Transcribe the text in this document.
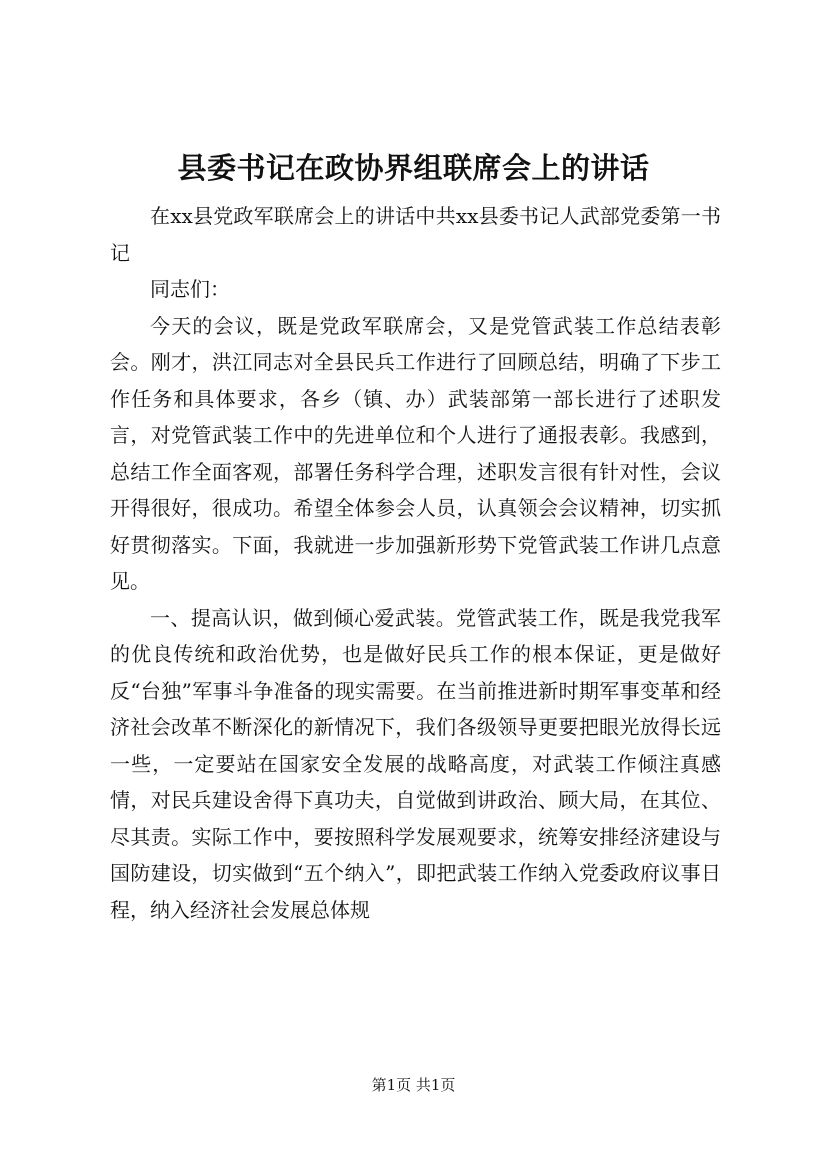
县委书记在政协界组联席会上的讲话

在xx县党政军联席会上的讲话中共xx县委书记人武部党委第一书记

同志们：

今天的会议，既是党政军联席会，又是党管武装工作总结表彰会。刚才，洪江同志对全县民兵工作进行了回顾总结，明确了下步工作任务和具体要求，各乡（镇、办）武装部第一部长进行了述职发言，对党管武装工作中的先进单位和个人进行了通报表彰。我感到，总结工作全面客观，部署任务科学合理，述职发言很有针对性，会议开得很好，很成功。希望全体参会人员，认真领会会议精神，切实抓好贯彻落实。下面，我就进一步加强新形势下党管武装工作讲几点意见。

一、提高认识，做到倾心爱武装。党管武装工作，既是我党我军的优良传统和政治优势，也是做好民兵工作的根本保证，更是做好反“台独”军事斗争准备的现实需要。在当前推进新时期军事变革和经济社会改革不断深化的新情况下，我们各级领导更要把眼光放得长远一些，一定要站在国家安全发展的战略高度，对武装工作倾注真感情，对民兵建设舍得下真功夫，自觉做到讲政治、顾大局，在其位、尽其责。实际工作中，要按照科学发展观要求，统筹安排经济建设与国防建设，切实做到“五个纳入”，即把武装工作纳入党委政府议事日程，纳入经济社会发展总体规

第1页 共1页
